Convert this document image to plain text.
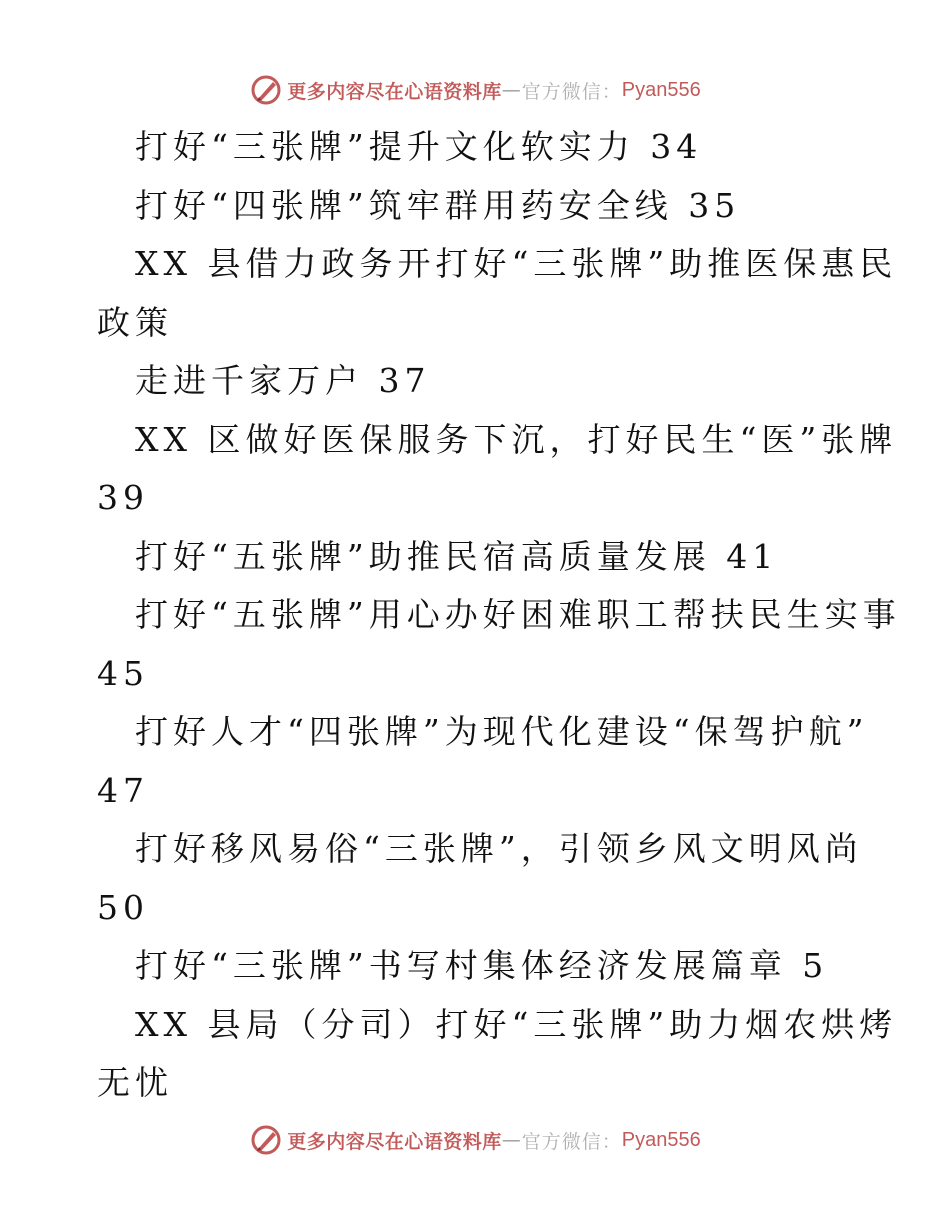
更多内容尽在心语资料库 — 官方微信： Pyan556
打好“三张牌”提升文化软实力 34
打好“四张牌”筑牢群用药安全线 35
XX 县借力政务开打好“三张牌”助推医保惠民
政策
走进千家万户 37
XX 区做好医保服务下沉，打好民生“医”张牌
39
打好“五张牌”助推民宿高质量发展 41
打好“五张牌”用心办好困难职工帮扶民生实事
45
打好人才“四张牌”为现代化建设“保驾护航”
47
打好移风易俗“三张牌”，引领乡风文明风尚
50
打好“三张牌”书写村集体经济发展篇章 5
XX 县局（分司）打好“三张牌”助力烟农烘烤
无忧
更多内容尽在心语资料库 — 官方微信： Pyan556
